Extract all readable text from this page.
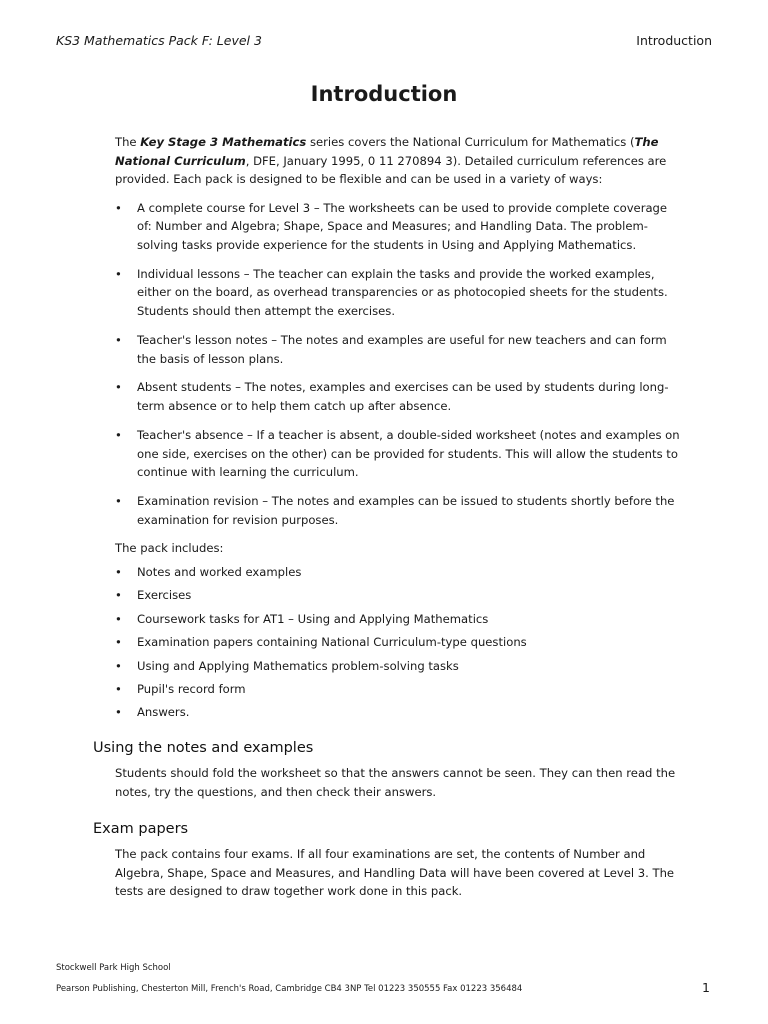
KS3 Mathematics Pack F: Level 3	Introduction
Introduction

The Key Stage 3 Mathematics series covers the National Curriculum for Mathematics (The National Curriculum, DFE, January 1995, 0 11 270894 3). Detailed curriculum references are provided. Each pack is designed to be flexible and can be used in a variety of ways:

• A complete course for Level 3 – The worksheets can be used to provide complete coverage of: Number and Algebra; Shape, Space and Measures; and Handling Data. The problem-solving tasks provide experience for the students in Using and Applying Mathematics.
• Individual lessons – The teacher can explain the tasks and provide the worked examples, either on the board, as overhead transparencies or as photocopied sheets for the students. Students should then attempt the exercises.
• Teacher's lesson notes – The notes and examples are useful for new teachers and can form the basis of lesson plans.
• Absent students – The notes, examples and exercises can be used by students during long-term absence or to help them catch up after absence.
• Teacher's absence – If a teacher is absent, a double-sided worksheet (notes and examples on one side, exercises on the other) can be provided for students. This will allow the students to continue with learning the curriculum.
• Examination revision – The notes and examples can be issued to students shortly before the examination for revision purposes.

The pack includes:

• Notes and worked examples
• Exercises
• Coursework tasks for AT1 – Using and Applying Mathematics
• Examination papers containing National Curriculum-type questions
• Using and Applying Mathematics problem-solving tasks
• Pupil's record form
• Answers.
Using the notes and examples

Students should fold the worksheet so that the answers cannot be seen. They can then read the notes, try the questions, and then check their answers.

Exam papers

The pack contains four exams. If all four examinations are set, the contents of Number and Algebra, Shape, Space and Measures, and Handling Data will have been covered at Level 3. The tests are designed to draw together work done in this pack.

Stockwell Park High School
Pearson Publishing, Chesterton Mill, French's Road, Cambridge CB4 3NP Tel 01223 350555 Fax 01223 356484	1
